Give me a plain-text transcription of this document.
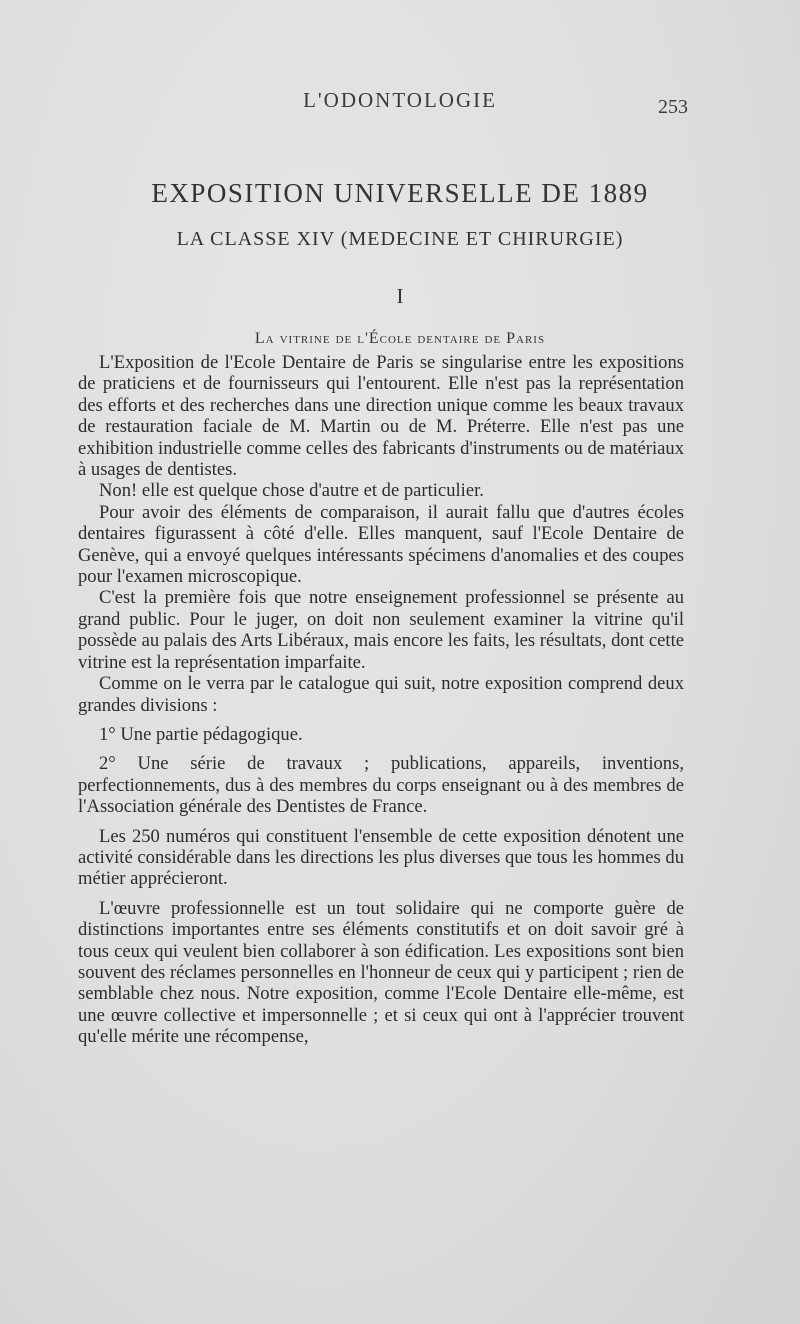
L'ODONTOLOGIE	253
EXPOSITION UNIVERSELLE DE 1889
LA CLASSE XIV (MEDECINE ET CHIRURGIE)
I
La vitrine de l'École dentaire de Paris

L'Exposition de l'Ecole Dentaire de Paris se singularise entre les expositions de praticiens et de fournisseurs qui l'entourent. Elle n'est pas la représentation des efforts et des recherches dans une direction unique comme les beaux travaux de restauration faciale de M. Martin ou de M. Préterre. Elle n'est pas une exhibition industrielle comme celles des fabricants d'instruments ou de matériaux à usages de dentistes.

Non! elle est quelque chose d'autre et de particulier.

Pour avoir des éléments de comparaison, il aurait fallu que d'autres écoles dentaires figurassent à côté d'elle. Elles manquent, sauf l'Ecole Dentaire de Genève, qui a envoyé quelques intéressants spécimens d'anomalies et des coupes pour l'examen microscopique.

C'est la première fois que notre enseignement professionnel se présente au grand public. Pour le juger, on doit non seulement examiner la vitrine qu'il possède au palais des Arts Libéraux, mais encore les faits, les résultats, dont cette vitrine est la représentation imparfaite.

Comme on le verra par le catalogue qui suit, notre exposition comprend deux grandes divisions :

1° Une partie pédagogique.

2° Une série de travaux ; publications, appareils, inventions, perfectionnements, dus à des membres du corps enseignant ou à des membres de l'Association générale des Dentistes de France.

Les 250 numéros qui constituent l'ensemble de cette exposition dénotent une activité considérable dans les directions les plus diverses que tous les hommes du métier apprécieront.

L'œuvre professionnelle est un tout solidaire qui ne comporte guère de distinctions importantes entre ses éléments constitutifs et on doit savoir gré à tous ceux qui veulent bien collaborer à son édification. Les expositions sont bien souvent des réclames personnelles en l'honneur de ceux qui y participent ; rien de semblable chez nous. Notre exposition, comme l'Ecole Dentaire elle-même, est une œuvre collective et impersonnelle ; et si ceux qui ont à l'apprécier trouvent qu'elle mérite une récompense,
